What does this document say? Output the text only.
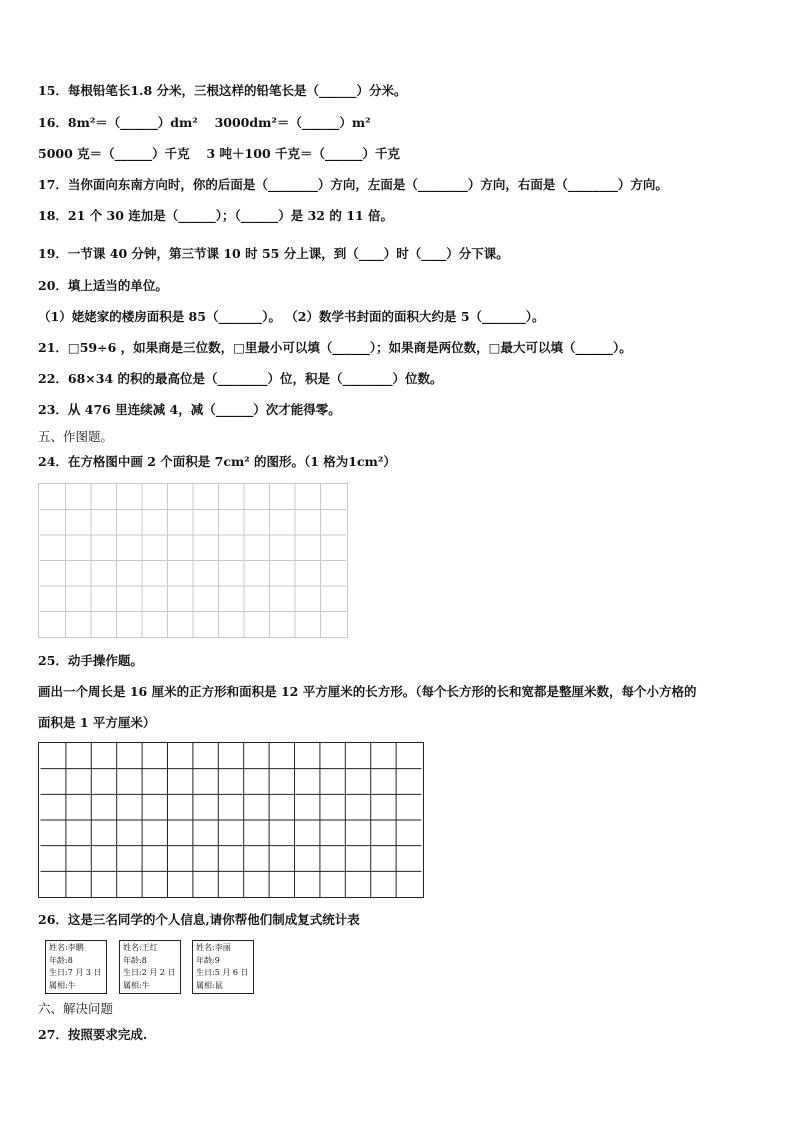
15．每根铅笔长1.8 分米，三根这样的铅笔长是（______）分米。
16．8m²＝（______）dm²　 3000dm²＝（______）m²
5000 克＝（______）千克　 3 吨＋100 千克＝（______）千克
17．当你面向东南方向时，你的后面是（________）方向，左面是（________）方向，右面是（________）方向。
18．21 个 30 连加是（______）；（______）是 32 的 11 倍。
19．一节课 40 分钟，第三节课 10 时 55 分上课，到（____）时（____）分下课。
20．填上适当的单位。
（1）姥姥家的楼房面积是 85（_______）。 （2）数学书封面的面积大约是 5（_______）。
21．□59÷6 ，如果商是三位数，□里最小可以填（______）；如果商是两位数，□最大可以填（______）。
22．68×34 的积的最高位是（________）位，积是（________）位数。
23．从 476 里连续减 4，减（______）次才能得零。
五、作图题。
24．在方格图中画 2 个面积是 7cm² 的图形。（1 格为1cm²）
25．动手操作题。
画出一个周长是 16 厘米的正方形和面积是 12 平方厘米的长方形。（每个长方形的长和宽都是整厘米数，每个小方格的
面积是 1 平方厘米）
26．这是三名同学的个人信息,请你帮他们制成复式统计表
姓名:李鹏
年龄:8
生日:7 月 3 日
属相:牛
姓名:王红
年龄:8
生日:2 月 2 日
属相:牛
姓名:李丽
年龄:9
生日:5 月 6 日
属相:鼠
六、解决问题
27．按照要求完成.
